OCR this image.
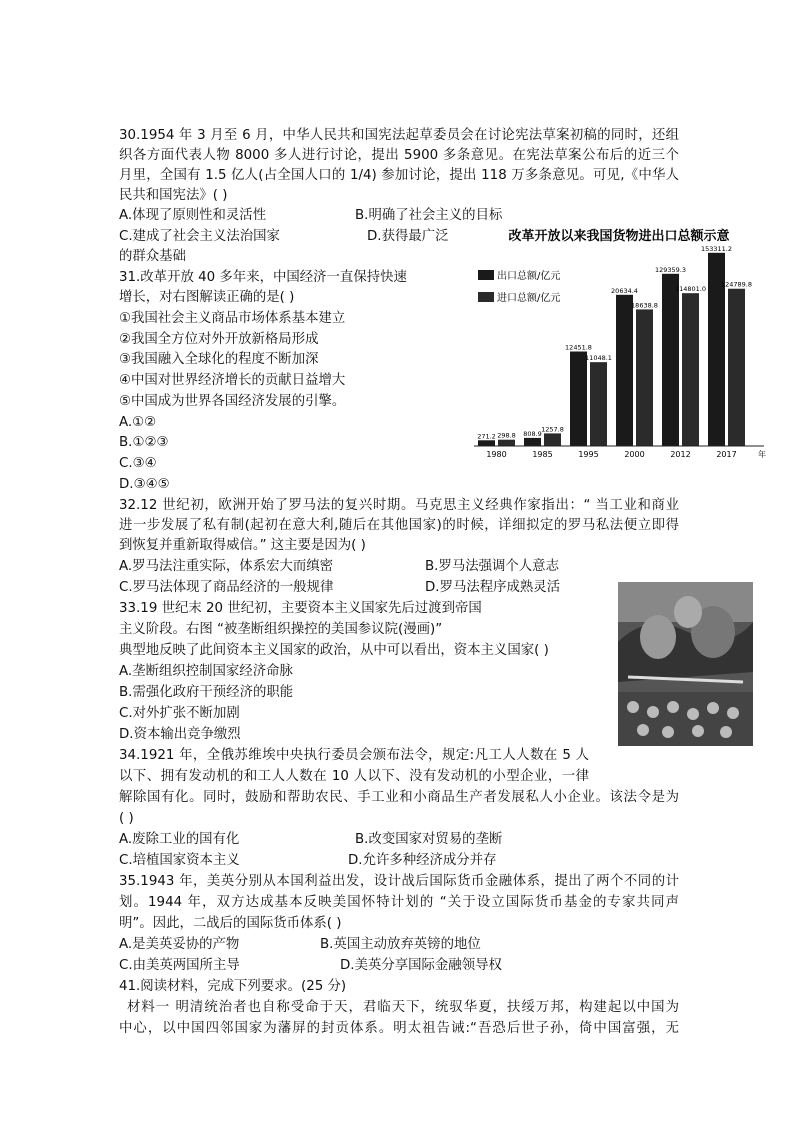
30.1954 年 3 月至 6 月，中华人民共和国宪法起草委员会在讨论宪法草案初稿的同时，还组
织各方面代表人物 8000 多人进行讨论，提出 5900 多条意见。在宪法草案公布后的近三个
月里，全国有 1.5 亿人(占全国人口的 1/4) 参加讨论，提出 118 万多条意见。可见,《中华人
民共和国宪法》( )
A.体现了原则性和灵活性	B.明确了社会主义的目标
C.建成了社会主义法治国家	D.获得最广泛
的群众基础
31.改革开放 40 多年来，中国经济一直保持快速
增长，对右图解读正确的是( )
①我国社会主义商品市场体系基本建立
②我国全方位对外开放新格局形成
③我国融入全球化的程度不断加深
④中国对世界经济增长的贡献日益增大
⑤中国成为世界各国经济发展的引擎。
A.①②
B.①②③
C.③④
D.③④⑤
改革开放以来我国货物进出口总额示意
出口总额/亿元
进口总额/亿元
271.2 298.8 808.9
1257.8
12451.8
11048.1
20634.4
18638.8
129359.3
114801.0
153311.2
124789.8
1980	1985	1995	2000	2012	2017	年
32.12 世纪初，欧洲开始了罗马法的复兴时期。马克思主义经典作家指出：“ 当工业和商业
进一步发展了私有制(起初在意大利,随后在其他国家)的时候，详细拟定的罗马私法便立即得
到恢复并重新取得威信。” 这主要是因为( )
A.罗马法注重实际，体系宏大而缜密	B.罗马法强调个人意志
C.罗马法体现了商品经济的一般规律	D.罗马法程序成熟灵活
33.19 世纪末 20 世纪初，主要资本主义国家先后过渡到帝国
主义阶段。右图 “被垄断组织操控的美国参议院(漫画)”
典型地反映了此间资本主义国家的政治，从中可以看出，资本主义国家( )
A.垄断组织控制国家经济命脉
B.需强化政府干预经济的职能
C.对外扩张不断加剧
D.资本输出竞争缴烈
34.1921 年，全俄苏维埃中央执行委员会颁布法令，规定:凡工人人数在 5 人
以下、拥有发动机的和工人人数在 10 人以下、没有发动机的小型企业，一律
解除国有化。同时，鼓励和帮助农民、手工业和小商品生产者发展私人小企业。该法令是为
( )
A.废除工业的国有化	B.改变国家对贸易的垄断
C.培植国家资本主义	D.允许多种经济成分并存
35.1943 年，美英分别从本国利益出发，设计战后国际货币金融体系，提出了两个不同的计
划。1944 年，双方达成基本反映美国怀特计划的 “关于设立国际货币基金的专家共同声
明”。因此，二战后的国际货币体系( )
A.是美英妥协的产物	B.英国主动放弃英镑的地位
C.由美英两国所主导	D.美英分享国际金融领导权
41.阅读材料，完成下列要求。(25 分)
材料一 明清统治者也自称受命于天，君临天下，统驭华夏，扶绥万邦，构建起以中国为
中心，以中国四邻国家为藩屏的封贡体系。明太祖告诫:“吾恐后世子孙，倚中国富强，无
